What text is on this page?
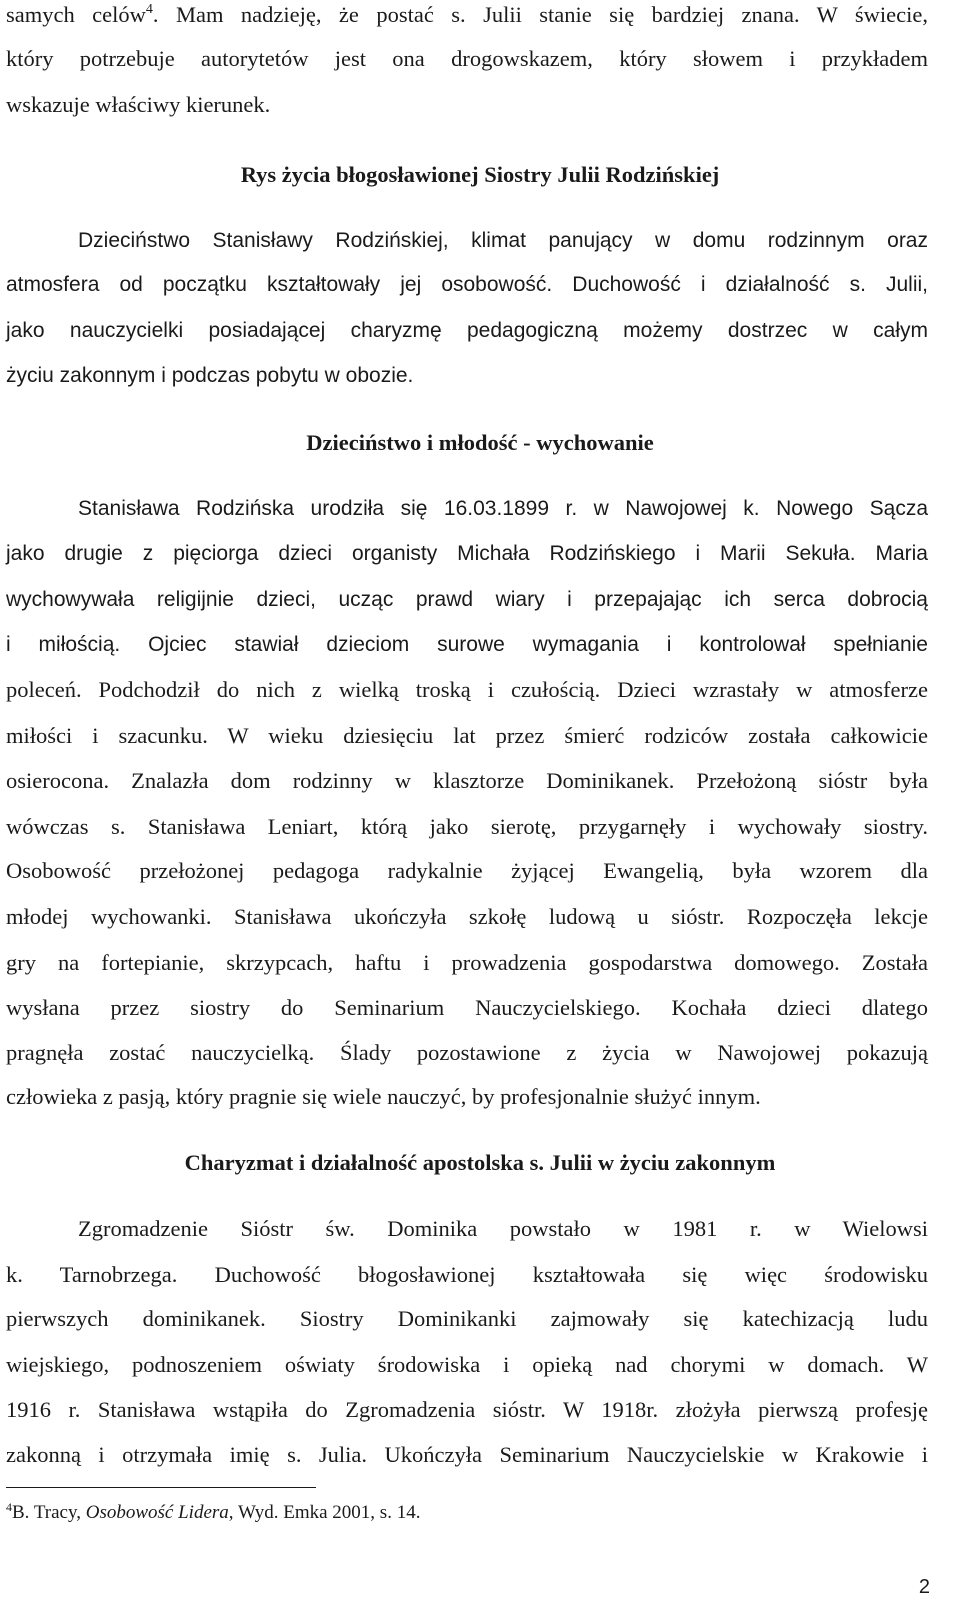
samych celów$^4$. Mam nadzieję, że postać s. Julii stanie się bardziej znana. W świecie,
który potrzebuje autorytetów jest ona drogowskazem, który słowem i przykładem
wskazuje właściwy kierunek.
Rys życia błogosławionej Siostry Julii Rodzińskiej
Dzieciństwo Stanisławy Rodzińskiej, klimat panujący w domu rodzinnym oraz
atmosfera od początku kształtowały jej osobowość. Duchowość i działalność s. Julii,
jako nauczycielki posiadającej charyzmę pedagogiczną możemy dostrzec w całym
życiu zakonnym i podczas pobytu w obozie.
Dzieciństwo i młodość - wychowanie
Stanisława Rodzińska urodziła się 16.03.1899 r. w Nawojowej k. Nowego Sącza
jako drugie z pięciorga dzieci organisty Michała Rodzińskiego i Marii Sekuła. Maria
wychowywała religijnie dzieci, ucząc prawd wiary i przepajając ich serca dobrocią
i miłością. Ojciec stawiał dzieciom surowe wymagania i kontrolował spełnianie
poleceń. Podchodził do nich z wielką troską i czułością. Dzieci wzrastały w atmosferze
miłości i szacunku. W wieku dziesięciu lat przez śmierć rodziców została całkowicie
osierocona. Znalazła dom rodzinny w klasztorze Dominikanek. Przełożoną sióstr była
wówczas s. Stanisława Leniart, którą jako sierotę, przygarnęły i wychowały siostry.
Osobowość przełożonej pedagoga radykalnie żyjącej Ewangelią, była wzorem dla
młodej wychowanki. Stanisława ukończyła szkołę ludową u sióstr. Rozpoczęła lekcje
gry na fortepianie, skrzypcach, haftu i prowadzenia gospodarstwa domowego. Została
wysłana przez siostry do Seminarium Nauczycielskiego. Kochała dzieci dlatego
pragnęła zostać nauczycielką. Ślady pozostawione z życia w Nawojowej pokazują
człowieka z pasją, który pragnie się wiele nauczyć, by profesjonalnie służyć innym.
Charyzmat i działalność apostolska s. Julii w życiu zakonnym
Zgromadzenie Sióstr św. Dominika powstało w 1981 r. w Wielowsi
k. Tarnobrzega. Duchowość błogosławionej kształtowała się więc środowisku
pierwszych dominikanek. Siostry Dominikanki zajmowały się katechizacją ludu
wiejskiego, podnoszeniem oświaty środowiska i opieką nad chorymi w domach. W
1916 r. Stanisława wstąpiła do Zgromadzenia sióstr. W 1918r. złożyła pierwszą profesję
zakonną i otrzymała imię s. Julia. Ukończyła Seminarium Nauczycielskie w Krakowie i
$^4$B. Tracy, Osobowość Lidera, Wyd. Emka 2001, s. 14.
2
